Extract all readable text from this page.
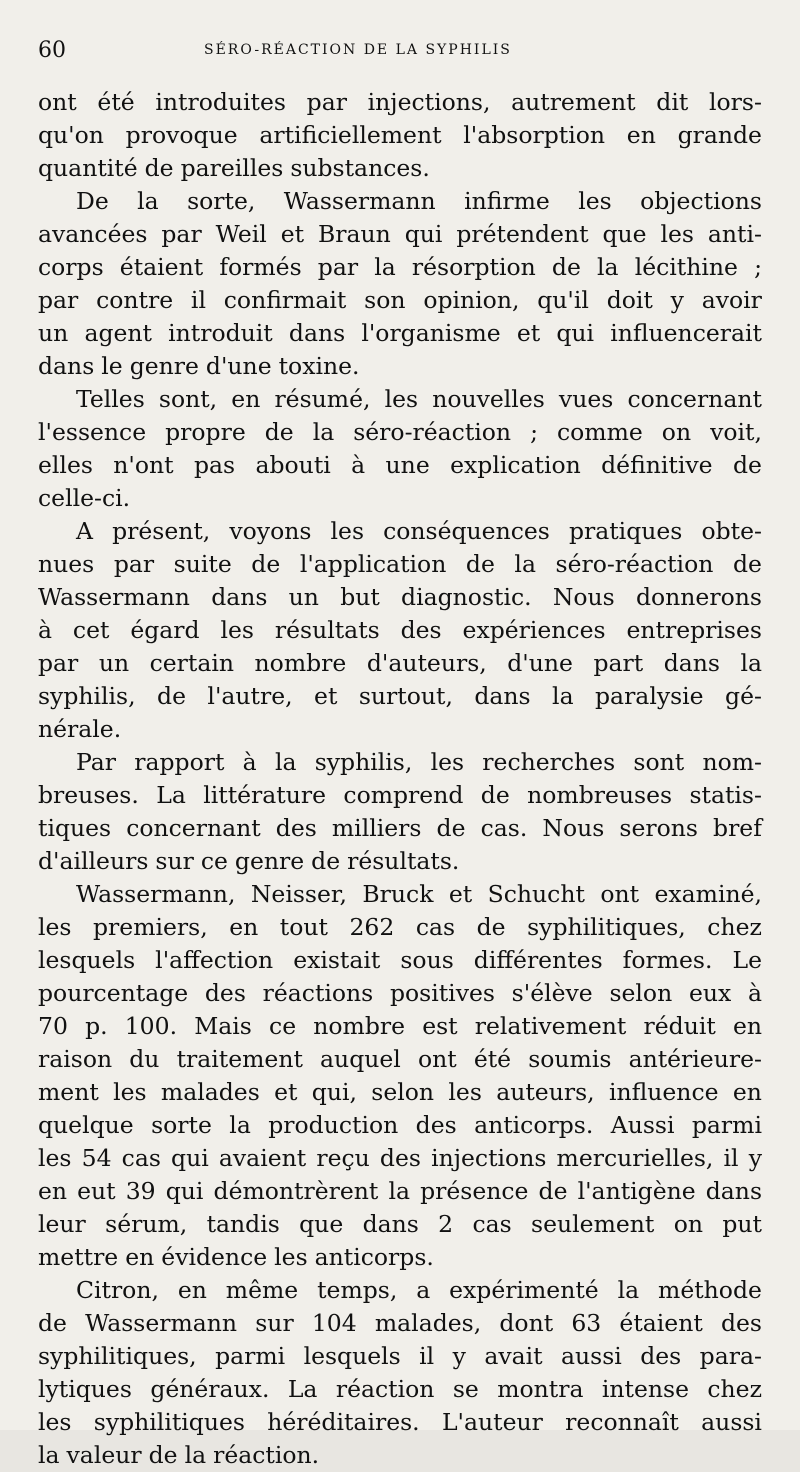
60	SÉRO-RÉACTION DE LA SYPHILIS
ont été introduites par injections, autrement dit lors-
qu'on provoque artificiellement l'absorption en grande
quantité de pareilles substances.
De la sorte, Wassermann infirme les objections
avancées par Weil et Braun qui prétendent que les anti-
corps étaient formés par la résorption de la lécithine ;
par contre il confirmait son opinion, qu'il doit y avoir
un agent introduit dans l'organisme et qui influencerait
dans le genre d'une toxine.
Telles sont, en résumé, les nouvelles vues concernant
l'essence propre de la séro-réaction ; comme on voit,
elles n'ont pas abouti à une explication définitive de
celle-ci.
A présent, voyons les conséquences pratiques obte-
nues par suite de l'application de la séro-réaction de
Wassermann dans un but diagnostic. Nous donnerons
à cet égard les résultats des expériences entreprises
par un certain nombre d'auteurs, d'une part dans la
syphilis, de l'autre, et surtout, dans la paralysie gé-
nérale.
Par rapport à la syphilis, les recherches sont nom-
breuses. La littérature comprend de nombreuses statis-
tiques concernant des milliers de cas. Nous serons bref
d'ailleurs sur ce genre de résultats.
Wassermann, Neisser, Bruck et Schucht ont examiné,
les premiers, en tout 262 cas de syphilitiques, chez
lesquels l'affection existait sous différentes formes. Le
pourcentage des réactions positives s'élève selon eux à
70 p. 100. Mais ce nombre est relativement réduit en
raison du traitement auquel ont été soumis antérieure-
ment les malades et qui, selon les auteurs, influence en
quelque sorte la production des anticorps. Aussi parmi
les 54 cas qui avaient reçu des injections mercurielles, il y
en eut 39 qui démontrèrent la présence de l'antigène dans
leur sérum, tandis que dans 2 cas seulement on put
mettre en évidence les anticorps.
Citron, en même temps, a expérimenté la méthode
de Wassermann sur 104 malades, dont 63 étaient des
syphilitiques, parmi lesquels il y avait aussi des para-
lytiques généraux. La réaction se montra intense chez
les syphilitiques héréditaires. L'auteur reconnaît aussi
la valeur de la réaction.
